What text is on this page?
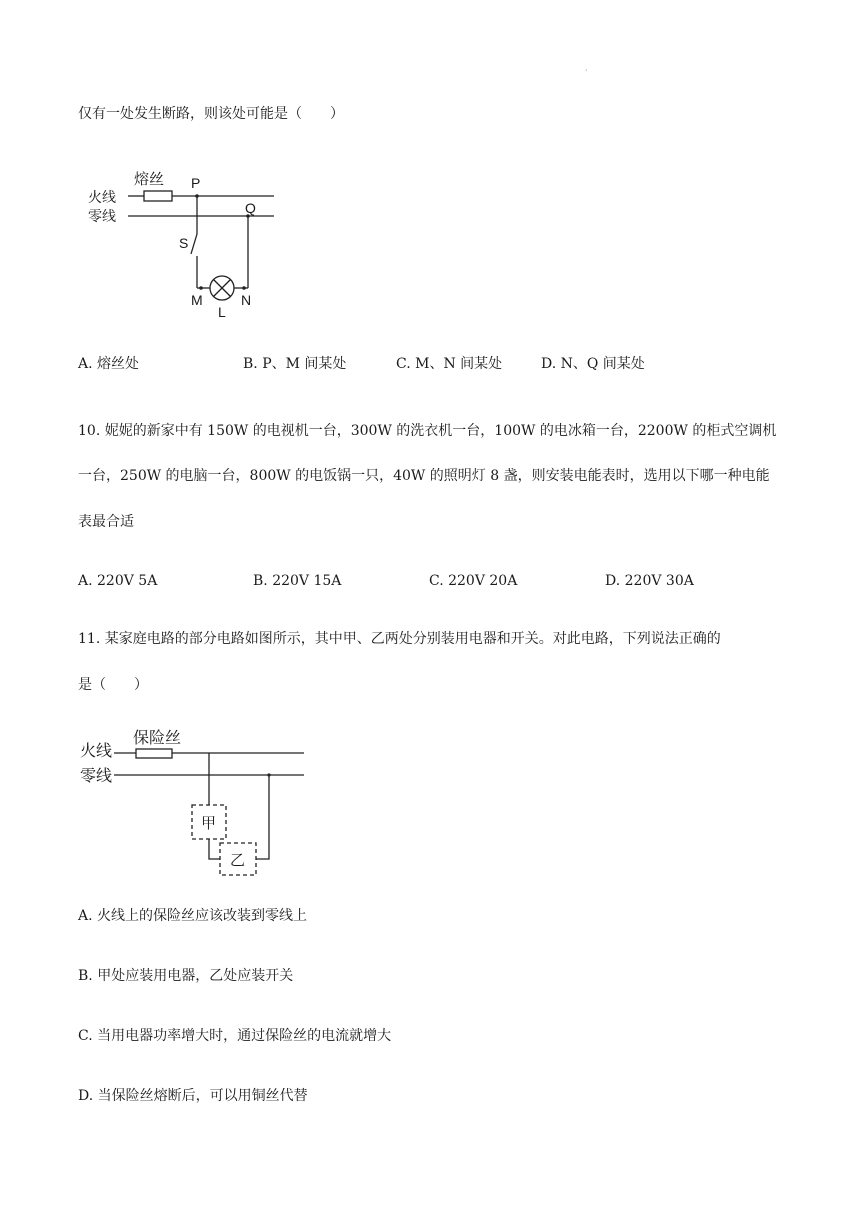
·
仅有一处发生断路，则该处可能是（　　）
熔丝
火线
零线
P
Q
S
M	N
L
A. 熔丝处	B. P、M 间某处	C. M、N 间某处	D. N、Q 间某处
10. 妮妮的新家中有 150W 的电视机一台，300W 的洗衣机一台，100W 的电冰箱一台，2200W 的柜式空调机
一台，250W 的电脑一台，800W 的电饭锅一只，40W 的照明灯 8 盏，则安装电能表时，选用以下哪一种电能
表最合适
A. 220V 5A	B. 220V 15A	C. 220V 20A	D. 220V 30A
11. 某家庭电路的部分电路如图所示，其中甲、乙两处分别装用电器和开关。对此电路，下列说法正确的
是（　　）
保险丝
火线
零线
甲
乙
A. 火线上的保险丝应该改装到零线上
B. 甲处应装用电器，乙处应装开关
C. 当用电器功率增大时，通过保险丝的电流就增大
D. 当保险丝熔断后，可以用铜丝代替
